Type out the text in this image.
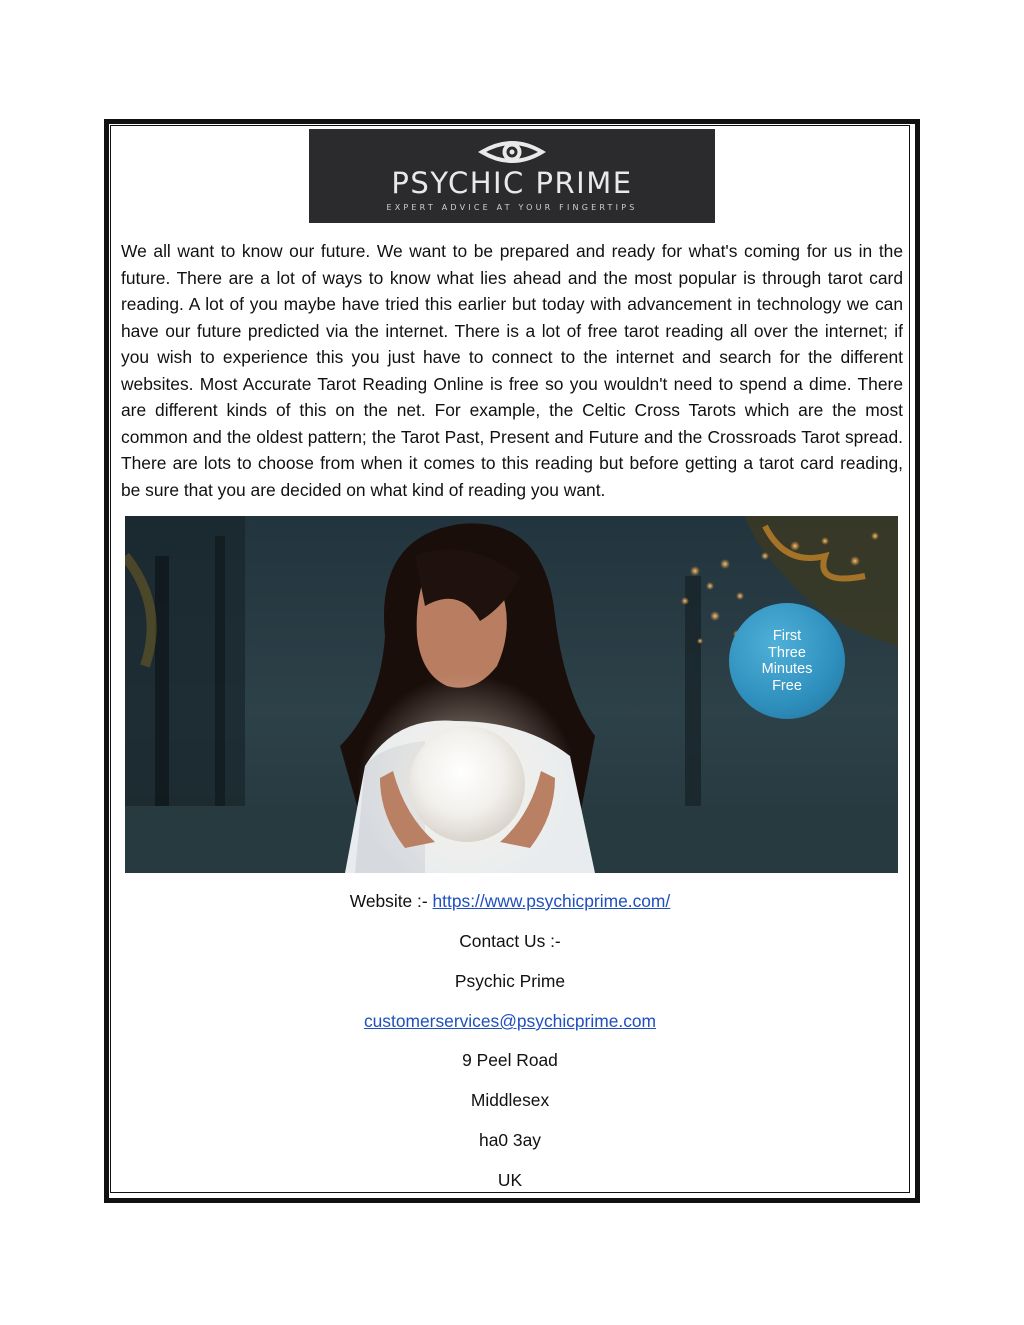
PSYCHIC PRIME
EXPERT ADVICE AT YOUR FINGERTIPS

We all want to know our future. We want to be prepared and ready for what's coming for us in the future. There are a lot of ways to know what lies ahead and the most popular is through tarot card reading. A lot of you maybe have tried this earlier but today with advancement in technology we can have our future predicted via the internet. There is a lot of free tarot reading all over the internet; if you wish to experience this you just have to connect to the internet and search for the different websites. Most Accurate Tarot Reading Online is free so you wouldn't need to spend a dime. There are different kinds of this on the net. For example, the Celtic Cross Tarots which are the most common and the oldest pattern; the Tarot Past, Present and Future and the Crossroads Tarot spread. There are lots to choose from when it comes to this reading but before getting a tarot card reading, be sure that you are decided on what kind of reading you want.

First
Three
Minutes
Free
Website :- https://www.psychicprime.com/
Contact Us :-
Psychic Prime
customerservices@psychicprime.com
9 Peel Road
Middlesex
ha0 3ay
UK
